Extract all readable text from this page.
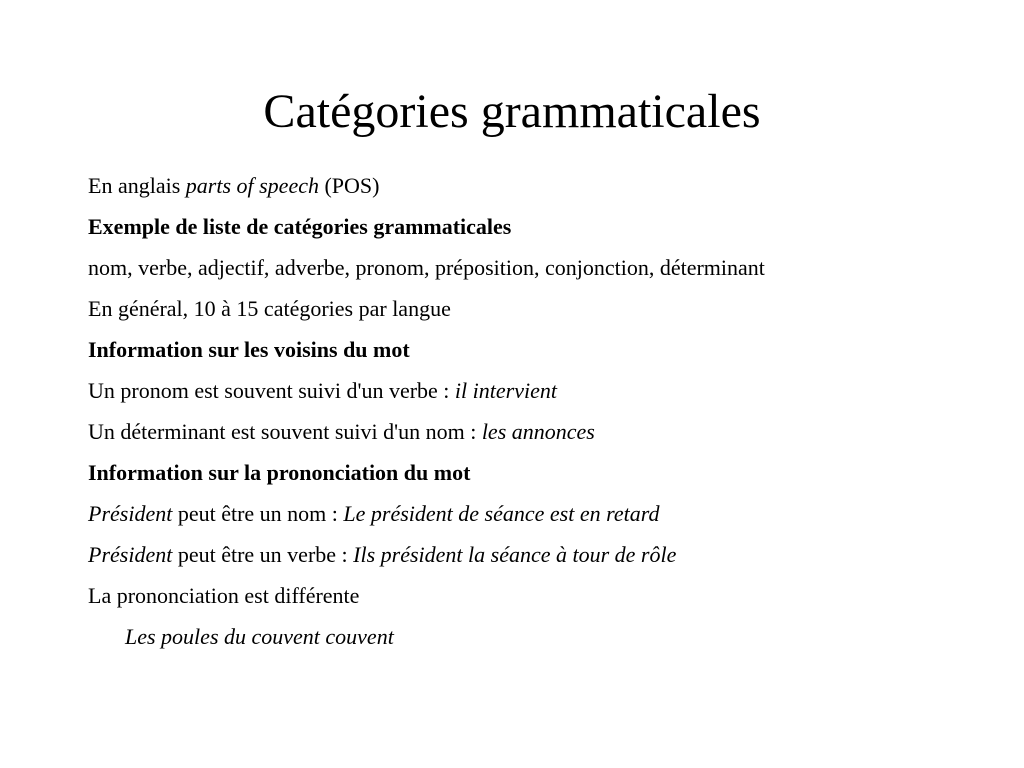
Catégories grammaticales

En anglais parts of speech (POS)

Exemple de liste de catégories grammaticales

nom, verbe, adjectif, adverbe, pronom, préposition, conjonction, déterminant

En général, 10 à 15 catégories par langue

Information sur les voisins du mot

Un pronom est souvent suivi d'un verbe : il intervient

Un déterminant est souvent suivi d'un nom : les annonces

Information sur la prononciation du mot

Président peut être un nom : Le président de séance est en retard

Président peut être un verbe : Ils président la séance à tour de rôle

La prononciation est différente

Les poules du couvent couvent
